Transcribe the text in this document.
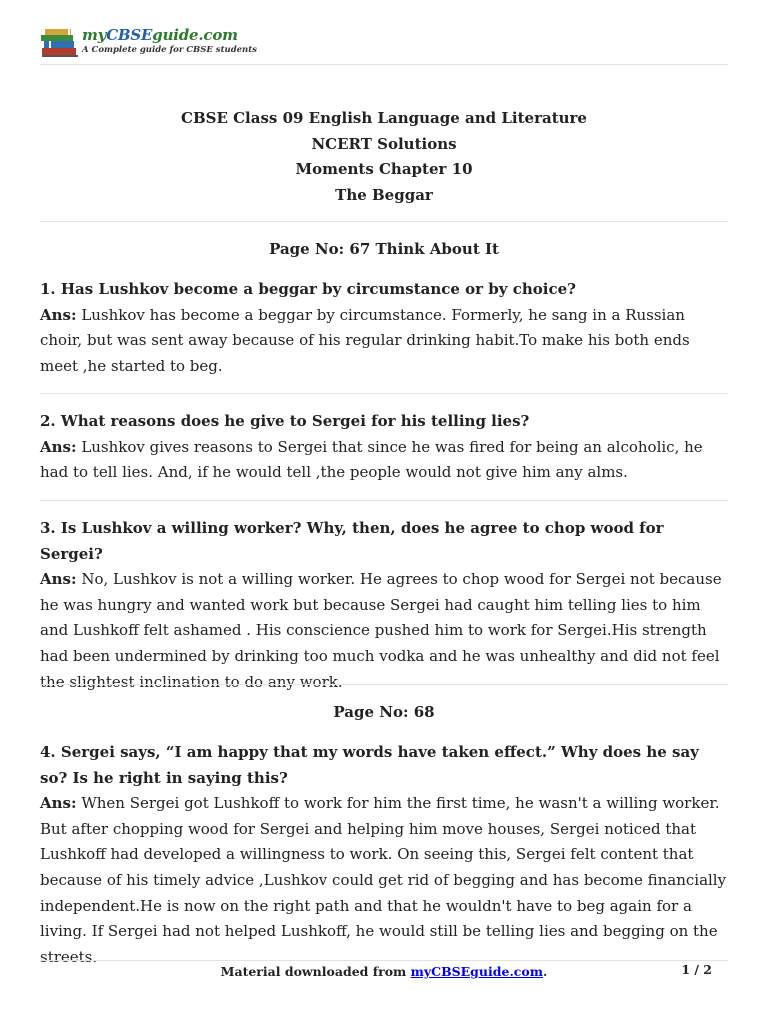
myCBSEguide.com
A Complete guide for CBSE students
CBSE Class 09 English Language and Literature
NCERT Solutions
Moments Chapter 10
The Beggar
Page No: 67 Think About It
1. Has Lushkov become a beggar by circumstance or by choice?
Ans: Lushkov has become a beggar by circumstance. Formerly, he sang in a Russian choir, but was sent away because of his regular drinking habit.To make his both ends meet ,he started to beg.
2. What reasons does he give to Sergei for his telling lies?
Ans: Lushkov gives reasons to Sergei that since he was fired for being an alcoholic, he had to tell lies. And, if he would tell ,the people would not give him any alms.
3. Is Lushkov a willing worker? Why, then, does he agree to chop wood for Sergei?
Ans: No, Lushkov is not a willing worker. He agrees to chop wood for Sergei not because he was hungry and wanted work but because Sergei had caught him telling lies to him and Lushkoff felt ashamed . His conscience pushed him to work for Sergei.His strength had been undermined by drinking too much vodka and he was unhealthy and did not feel the slightest inclination to do any work.
Page No: 68
4. Sergei says, “I am happy that my words have taken effect.” Why does he say so? Is he right in saying this?
Ans: When Sergei got Lushkoff to work for him the first time, he wasn't a willing worker. But after chopping wood for Sergei and helping him move houses, Sergei noticed that Lushkoff had developed a willingness to work. On seeing this, Sergei felt content that because of his timely advice ,Lushkov could get rid of begging and has become financially independent.He is now on the right path and that he wouldn't have to beg again for a living. If Sergei had not helped Lushkoff, he would still be telling lies and begging on the streets.
Material downloaded from myCBSEguide.com.	1 / 2
